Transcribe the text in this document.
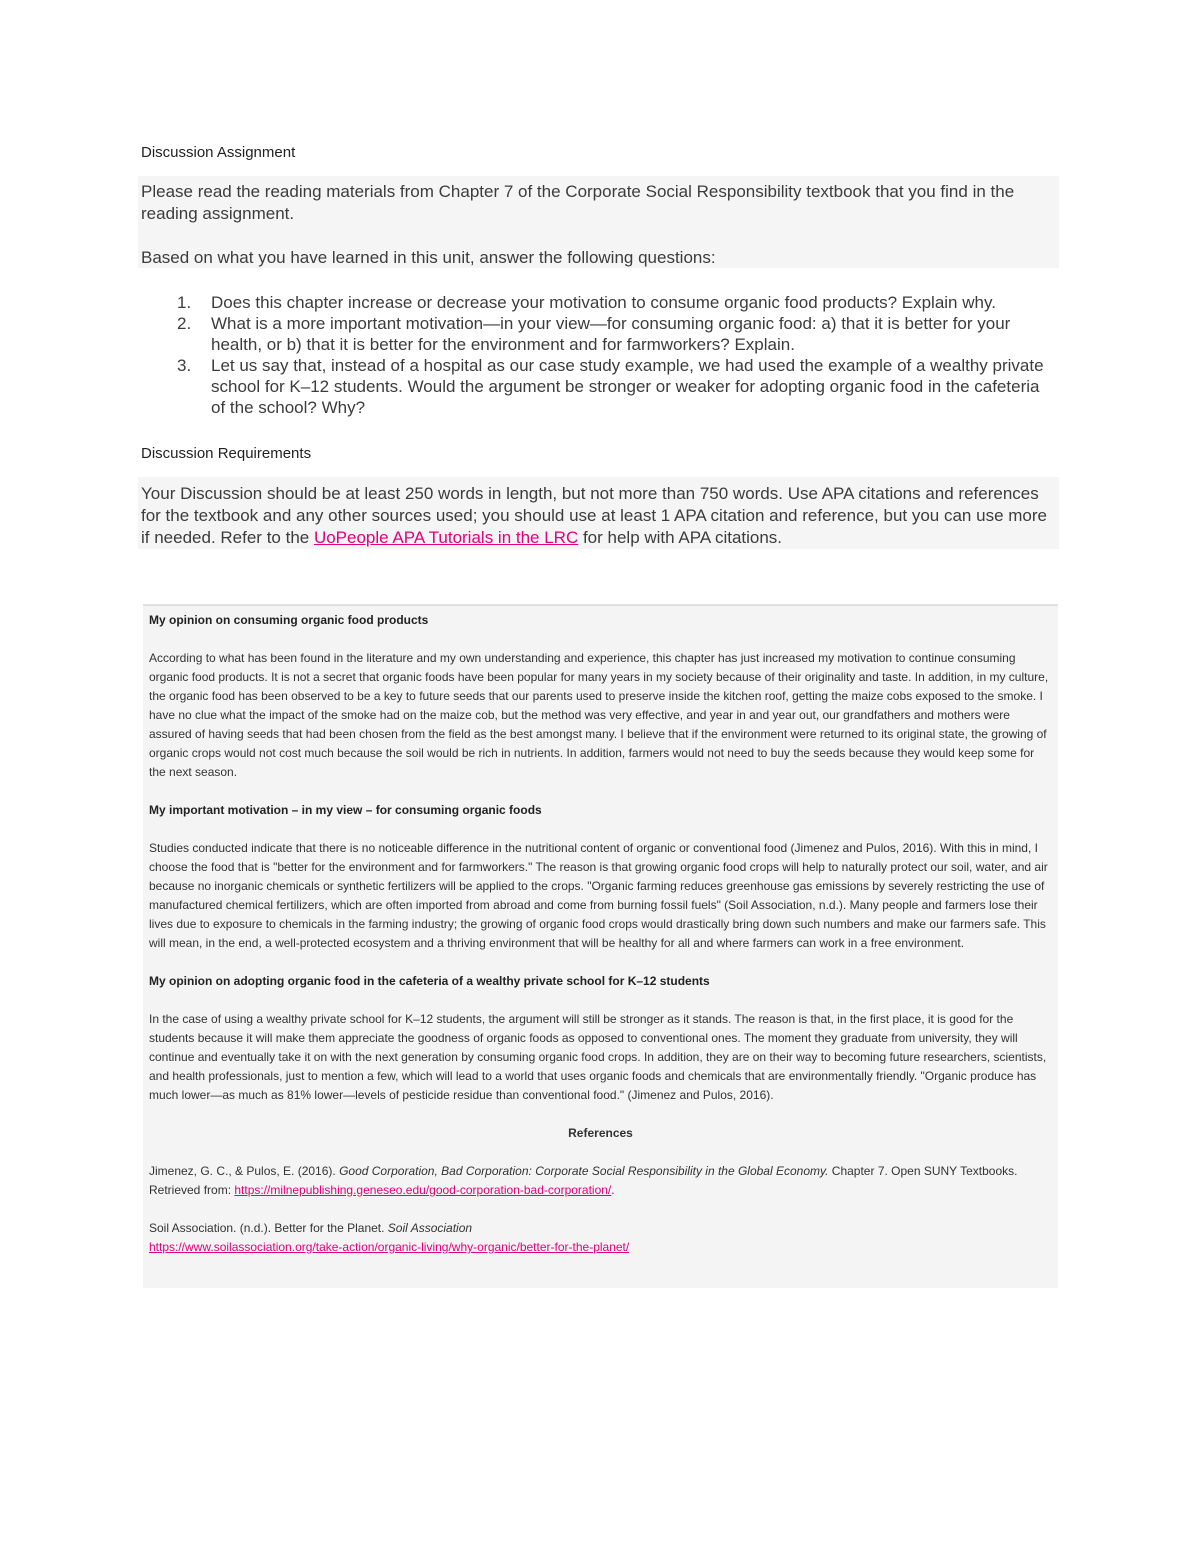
Discussion Assignment
Please read the reading materials from Chapter 7 of the Corporate Social Responsibility textbook that you find in the reading assignment.
Based on what you have learned in this unit, answer the following questions:
1. Does this chapter increase or decrease your motivation to consume organic food products? Explain why.
2. What is a more important motivation—in your view—for consuming organic food: a) that it is better for your health, or b) that it is better for the environment and for farmworkers? Explain.
3. Let us say that, instead of a hospital as our case study example, we had used the example of a wealthy private school for K–12 students. Would the argument be stronger or weaker for adopting organic food in the cafeteria of the school? Why?
Discussion Requirements
Your Discussion should be at least 250 words in length, but not more than 750 words. Use APA citations and references for the textbook and any other sources used; you should use at least 1 APA citation and reference, but you can use more if needed. Refer to the UoPeople APA Tutorials in the LRC for help with APA citations.
My opinion on consuming organic food products

According to what has been found in the literature and my own understanding and experience, this chapter has just increased my motivation to continue consuming organic food products. It is not a secret that organic foods have been popular for many years in my society because of their originality and taste. In addition, in my culture, the organic food has been observed to be a key to future seeds that our parents used to preserve inside the kitchen roof, getting the maize cobs exposed to the smoke. I have no clue what the impact of the smoke had on the maize cob, but the method was very effective, and year in and year out, our grandfathers and mothers were assured of having seeds that had been chosen from the field as the best amongst many. I believe that if the environment were returned to its original state, the growing of organic crops would not cost much because the soil would be rich in nutrients. In addition, farmers would not need to buy the seeds because they would keep some for the next season.

My important motivation – in my view – for consuming organic foods

Studies conducted indicate that there is no noticeable difference in the nutritional content of organic or conventional food (Jimenez and Pulos, 2016). With this in mind, I choose the food that is "better for the environment and for farmworkers." The reason is that growing organic food crops will help to naturally protect our soil, water, and air because no inorganic chemicals or synthetic fertilizers will be applied to the crops. "Organic farming reduces greenhouse gas emissions by severely restricting the use of manufactured chemical fertilizers, which are often imported from abroad and come from burning fossil fuels" (Soil Association, n.d.). Many people and farmers lose their lives due to exposure to chemicals in the farming industry; the growing of organic food crops would drastically bring down such numbers and make our farmers safe. This will mean, in the end, a well-protected ecosystem and a thriving environment that will be healthy for all and where farmers can work in a free environment.

My opinion on adopting organic food in the cafeteria of a wealthy private school for K–12 students

In the case of using a wealthy private school for K–12 students, the argument will still be stronger as it stands. The reason is that, in the first place, it is good for the students because it will make them appreciate the goodness of organic foods as opposed to conventional ones. The moment they graduate from university, they will continue and eventually take it on with the next generation by consuming organic food crops. In addition, they are on their way to becoming future researchers, scientists, and health professionals, just to mention a few, which will lead to a world that uses organic foods and chemicals that are environmentally friendly. "Organic produce has much lower—as much as 81% lower—levels of pesticide residue than conventional food." (Jimenez and Pulos, 2016).

References

Jimenez, G. C., & Pulos, E. (2016). Good Corporation, Bad Corporation: Corporate Social Responsibility in the Global Economy. Chapter 7. Open SUNY Textbooks. Retrieved from: https://milnepublishing.geneseo.edu/good-corporation-bad-corporation/.

Soil Association. (n.d.). Better for the Planet. Soil Association
https://www.soilassociation.org/take-action/organic-living/why-organic/better-for-the-planet/
